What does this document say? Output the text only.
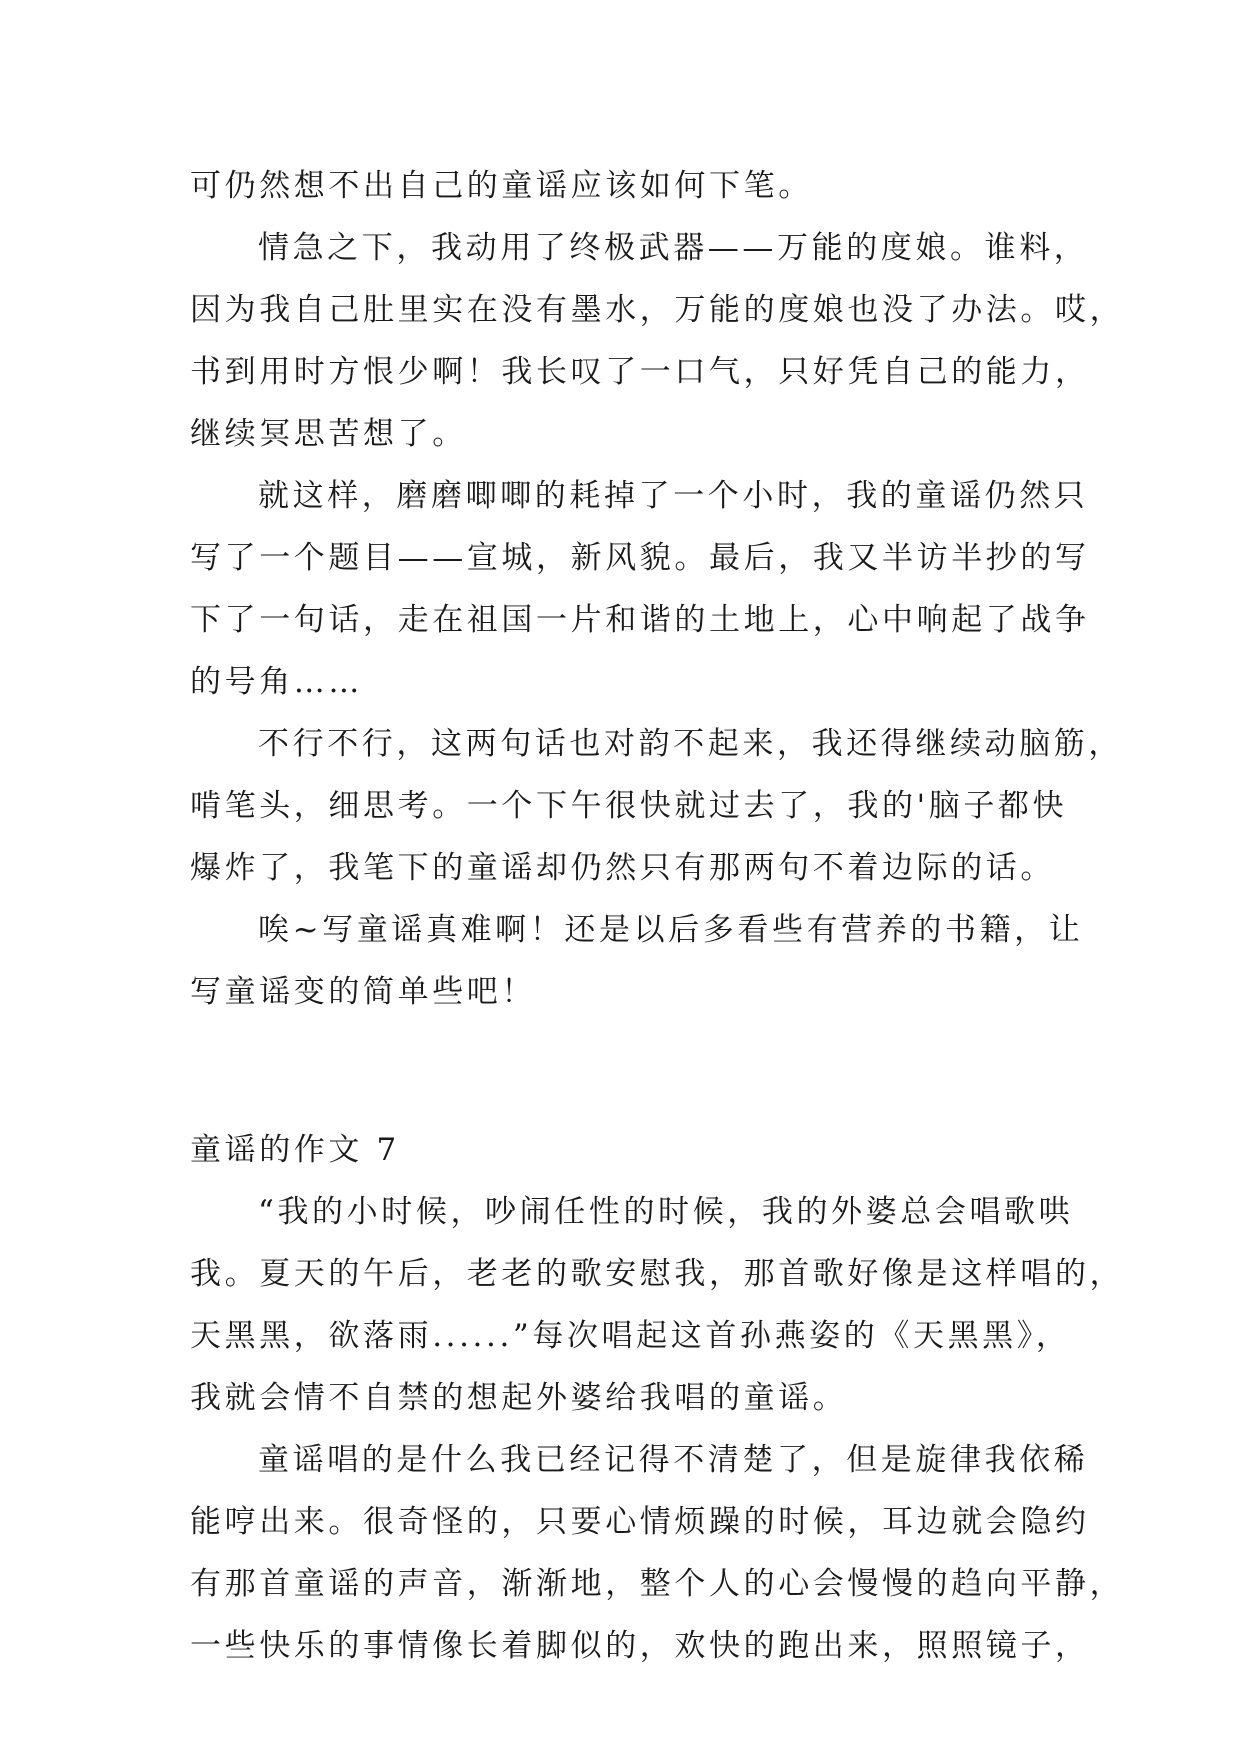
可仍然想不出自己的童谣应该如何下笔。
情急之下，我动用了终极武器——万能的度娘。谁料，
因为我自己肚里实在没有墨水，万能的度娘也没了办法。哎，
书到用时方恨少啊！我长叹了一口气，只好凭自己的能力，
继续冥思苦想了。
就这样，磨磨唧唧的耗掉了一个小时，我的童谣仍然只
写了一个题目——宣城，新风貌。最后，我又半访半抄的写
下了一句话，走在祖国一片和谐的土地上，心中响起了战争
的号角……
不行不行，这两句话也对韵不起来，我还得继续动脑筋，
啃笔头，细思考。一个下午很快就过去了，我的'脑子都快
爆炸了，我笔下的童谣却仍然只有那两句不着边际的话。
唉~写童谣真难啊！还是以后多看些有营养的书籍，让
写童谣变的简单些吧！
童谣的作文 7
“我的小时候，吵闹任性的时候，我的外婆总会唱歌哄
我。夏天的午后，老老的歌安慰我，那首歌好像是这样唱的，
天黑黑，欲落雨......”每次唱起这首孙燕姿的《天黑黑》，
我就会情不自禁的想起外婆给我唱的童谣。
童谣唱的是什么我已经记得不清楚了，但是旋律我依稀
能哼出来。很奇怪的，只要心情烦躁的时候，耳边就会隐约
有那首童谣的声音，渐渐地，整个人的心会慢慢的趋向平静，
一些快乐的事情像长着脚似的，欢快的跑出来，照照镜子，
